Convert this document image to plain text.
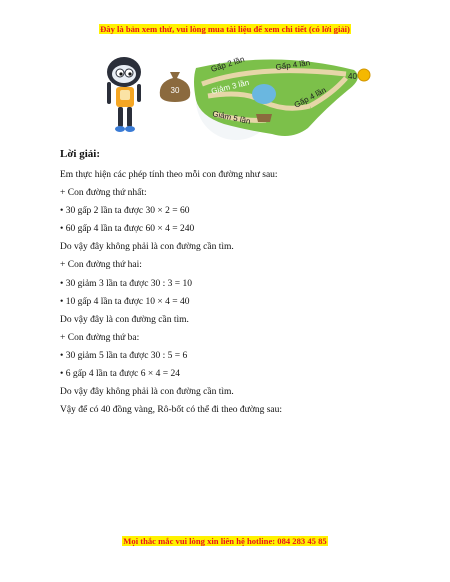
Đây là bản xem thử, vui lòng mua tài liệu để xem chi tiết (có lời giải)
30
Gấp 2 lần	Gấp 4 lần
Giảm 3 lần	Gấp 4 lần
Giảm 5 lần
40
Lời giải:
Em thực hiện các phép tính theo mỗi con đường như sau:
+ Con đường thứ nhất:
• 30 gấp 2 lần ta được 30 × 2 = 60
• 60 gấp 4 lần ta được 60 × 4 = 240
Do vậy đây không phải là con đường cần tìm.
+ Con đường thứ hai:
• 30 giảm 3 lần ta được 30 : 3 = 10
• 10 gấp 4 lần ta được 10 × 4 = 40
Do vậy đây là con đường cần tìm.
+ Con đường thứ ba:
• 30 giảm 5 lần ta được 30 : 5 = 6
• 6 gấp 4 lần ta được 6 × 4 = 24
Do vậy đây không phải là con đường cần tìm.
Vậy để có 40 đồng vàng, Rô-bốt có thể đi theo đường sau:
Mọi thắc mắc vui lòng xin liên hệ hotline: 084 283 45 85
